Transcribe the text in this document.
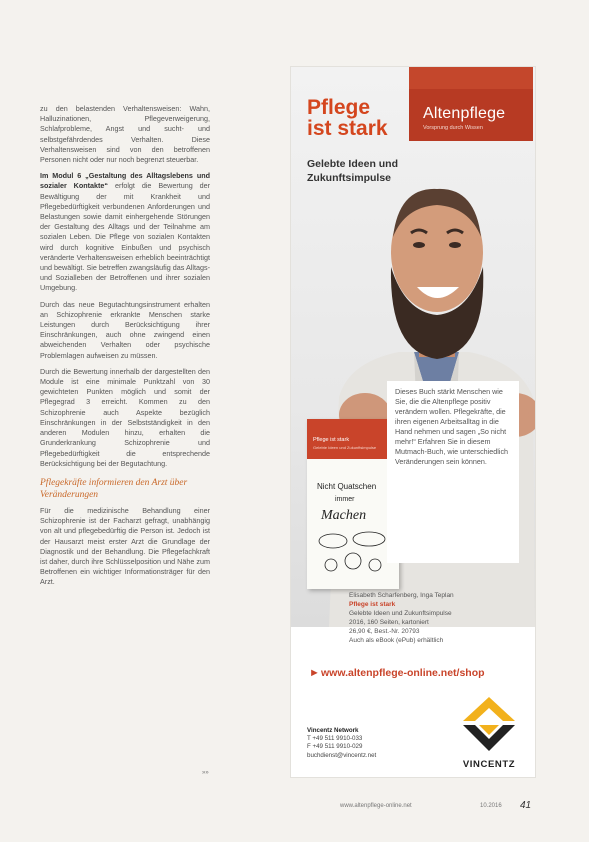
zu den belastenden Verhaltensweisen: Wahn, Halluzinationen, Pflegeverweigerung, Schlafprobleme, Angst und sucht- und selbstgefährdendes Verhalten. Diese Verhaltensweisen sind von den betroffenen Personen nicht oder nur noch begrenzt steuerbar.

Im Modul 6 „Gestaltung des Alltagslebens und sozialer Kontakte“ erfolgt die Bewertung der Bewältigung der mit Krankheit und Pflegebedürftigkeit verbundenen Anforderungen und Belastungen sowie damit einhergehende Störungen der Gestaltung des Alltags und der Teilnahme am sozialen Leben. Die Pflege von sozialen Kontakten wird durch kognitive Einbußen und psychisch veränderte Verhaltensweisen erheblich beeinträchtigt und bewältigt. Sie betreffen zwangsläufig das Alltags- und Sozialleben der Betroffenen und ihrer sozialen Umgebung.

Durch das neue Begutachtungsinstrument erhalten an Schizophrenie erkrankte Menschen starke Leistungen durch Berücksichtigung ihrer Einschränkungen, auch ohne zwingend einen abweichenden Verhalten oder psychische Problemlagen aufweisen zu müssen.

Durch die Bewertung innerhalb der dargestellten den Module ist eine minimale Punktzahl von 30 gewichteten Punkten möglich und somit der Pflegegrad 3 erreicht. Kommen zu den Schizophrenie auch Aspekte bezüglich Einschränkungen in der Selbstständigkeit in den anderen Modulen hinzu, erhalten die Grunderkrankung Schizophrenie und Pflegebedürftigkeit die entsprechende Berücksichtigung bei der Begutachtung.

Pflegekräfte informieren den Arzt über Veränderungen

Für die medizinische Behandlung einer Schizophrenie ist der Facharzt gefragt, unabhängig von alt und pflegebedürftig die Person ist. Jedoch ist der Hausarzt meist erster Arzt die Grundlage der Diagnostik und der Behandlung. Die Pflegefachkraft ist daher, durch ihre Schlüsselposition und Nähe zum Betroffenen ein wichtiger Informationsträger für den Arzt.

»»
Altenpflege
Vorsprung durch Wissen
Pflege
ist stark
Gelebte Ideen und Zukunftsimpulse
Pflege ist stark
Gelebte Ideen und Zukunftsimpulse
Nicht Quatschen
immer
Machen

Dieses Buch stärkt Menschen wie Sie, die die Altenpflege positiv verändern wollen. Pflegekräfte, die ihren eigenen Arbeitsalltag in die Hand nehmen und sagen „So nicht mehr!“ Erfahren Sie in diesem Mutmach-Buch, wie unterschiedlich Veränderungen sein können.

Elisabeth Scharfenberg, Inga Teplan

Pflege ist stark

Gelebte Ideen und Zukunftsimpulse

2016, 160 Seiten, kartoniert

26,90 €, Best.-Nr. 20793

Auch als eBook (ePub) erhältlich

► www.altenpflege-online.net/shop

Vincentz Network

T +49 511 9910-033

F +49 511 9910-029

buchdienst@vincentz.net

VINCENTZ
www.altenpflege-online.net	10.2016 41
